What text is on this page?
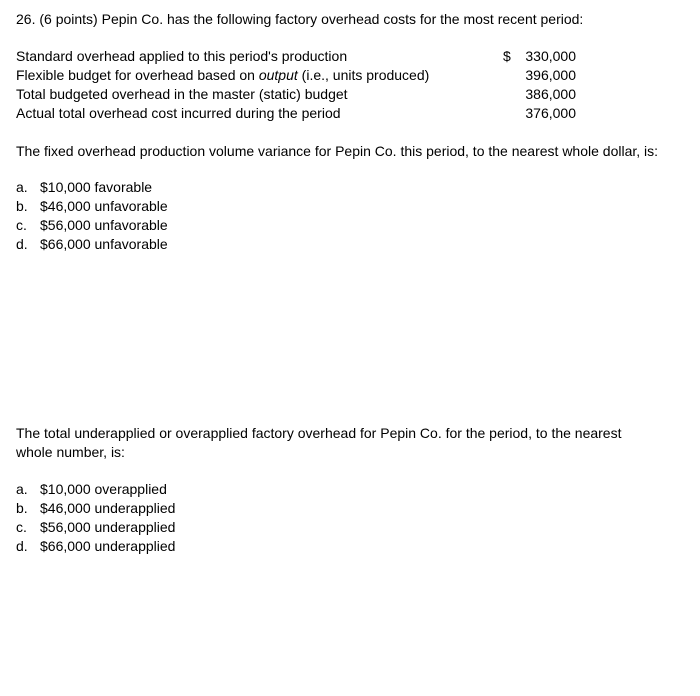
26. (6 points) Pepin Co. has the following factory overhead costs for the most recent period:
Standard overhead applied to this period's production	$	330,000
Flexible budget for overhead based on output (i.e., units produced)	396,000
Total budgeted overhead in the master (static) budget	386,000
Actual total overhead cost incurred during the period	376,000
The fixed overhead production volume variance for Pepin Co. this period, to the nearest whole dollar, is:
a. $10,000 favorable
b. $46,000 unfavorable
c. $56,000 unfavorable
d. $66,000 unfavorable
The total underapplied or overapplied factory overhead for Pepin Co. for the period, to the nearest whole number, is:
a. $10,000 overapplied
b. $46,000 underapplied
c. $56,000 underapplied
d. $66,000 underapplied
